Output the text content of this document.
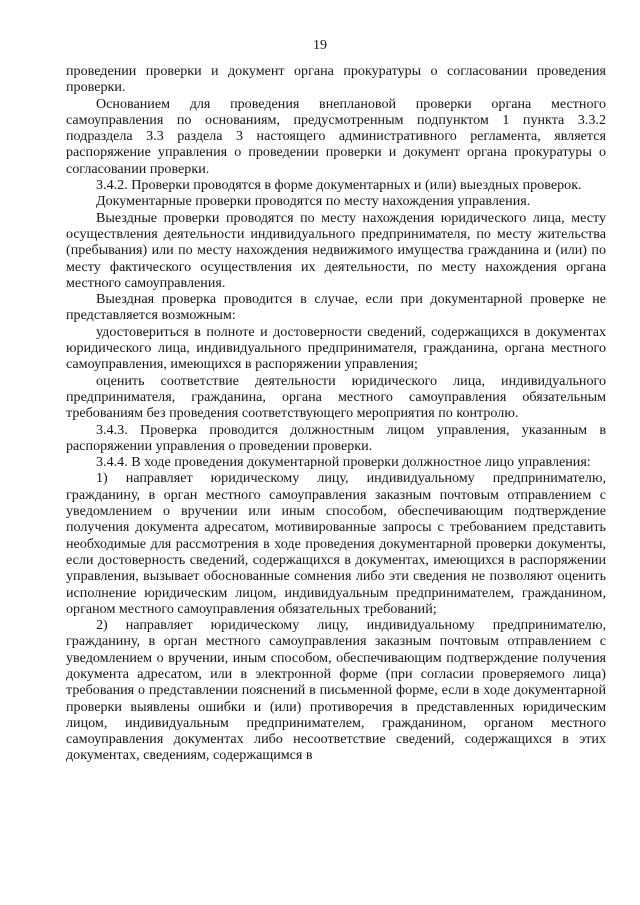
19

проведении проверки и документ органа прокуратуры о согласовании проведения проверки.

Основанием для проведения внеплановой проверки органа местного самоуправления по основаниям, предусмотренным подпунктом 1 пункта 3.3.2 подраздела 3.3 раздела 3 настоящего административного регламента, является распоряжение управления о проведении проверки и документ органа прокуратуры о согласовании проверки.

3.4.2. Проверки проводятся в форме документарных и (или) выездных проверок.

Документарные проверки проводятся по месту нахождения управления.

Выездные проверки проводятся по месту нахождения юридического лица, месту осуществления деятельности индивидуального предпринимателя, по месту жительства (пребывания) или по месту нахождения недвижимого имущества гражданина и (или) по месту фактического осуществления их деятельности, по месту нахождения органа местного самоуправления.

Выездная проверка проводится в случае, если при документарной проверке не представляется возможным:

удостовериться в полноте и достоверности сведений, содержащихся в документах юридического лица, индивидуального предпринимателя, гражданина, органа местного самоуправления, имеющихся в распоряжении управления;

оценить соответствие деятельности юридического лица, индивидуального предпринимателя, гражданина, органа местного самоуправления обязательным требованиям без проведения соответствующего мероприятия по контролю.

3.4.3. Проверка проводится должностным лицом управления, указанным в распоряжении управления о проведении проверки.

3.4.4. В ходе проведения документарной проверки должностное лицо управления:

1) направляет юридическому лицу, индивидуальному предпринимателю, гражданину, в орган местного самоуправления заказным почтовым отправлением с уведомлением о вручении или иным способом, обеспечивающим подтверждение получения документа адресатом, мотивированные запросы с требованием представить необходимые для рассмотрения в ходе проведения документарной проверки документы, если достоверность сведений, содержащихся в документах, имеющихся в распоряжении управления, вызывает обоснованные сомнения либо эти сведения не позволяют оценить исполнение юридическим лицом, индивидуальным предпринимателем, гражданином, органом местного самоуправления обязательных требований;

2) направляет юридическому лицу, индивидуальному предпринимателю, гражданину, в орган местного самоуправления заказным почтовым отправлением с уведомлением о вручении, иным способом, обеспечивающим подтверждение получения документа адресатом, или в электронной форме (при согласии проверяемого лица) требования о представлении пояснений в письменной форме, если в ходе документарной проверки выявлены ошибки и (или) противоречия в представленных юридическим лицом, индивидуальным предпринимателем, гражданином, органом местного самоуправления документах либо несоответствие сведений, содержащихся в этих документах, сведениям, содержащимся в
